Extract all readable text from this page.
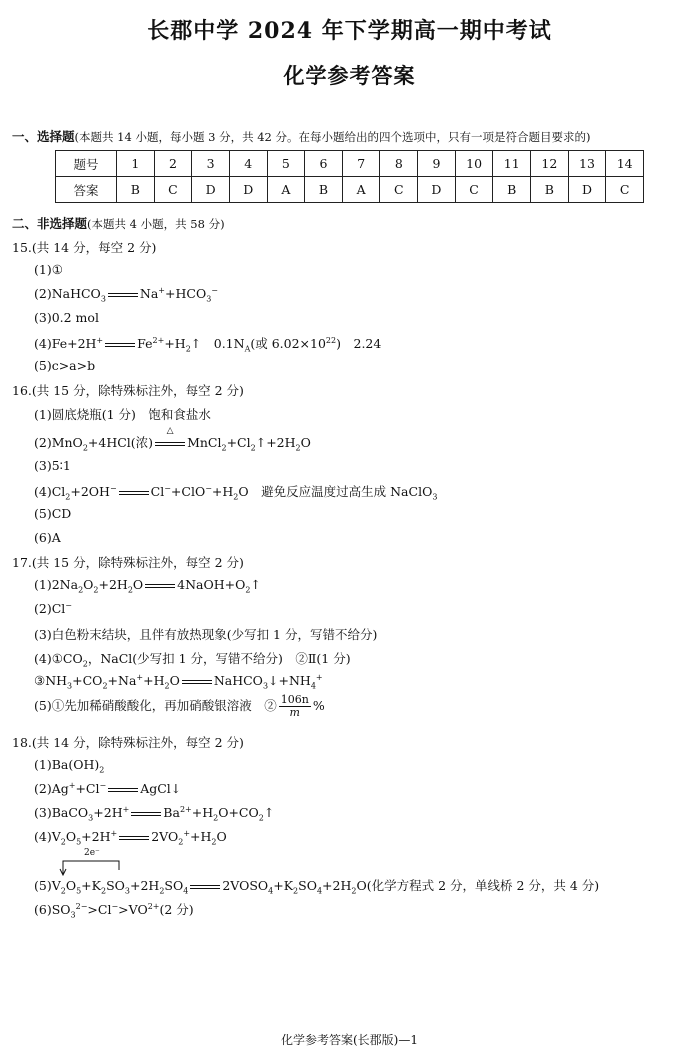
长郡中学 2024 年下学期高一期中考试
化学参考答案
一、选择题(本题共 14 小题，每小题 3 分，共 42 分。在每小题给出的四个选项中，只有一项是符合题目要求的)
题号	1	2	3	4	5	6	7	8	9	10	11	12	13	14
答案	B	C	D	D	A	B	A	C	D	C	B	B	D	C
二、非选择题(本题共 4 小题，共 58 分)
15.(共 14 分，每空 2 分)
(1)①
(2)NaHCO$_3$	$Na^++HCO_3^-$
(3)0.2 mol
(4)Fe+2H+	$Fe^{2+}+H_2↑$　$0.1N_A$(或 $6.02\times 10^{22}$)　2.24
(5)c>a>b
16.(共 15 分，除特殊标注外，每空 2 分)
(1)圆底烧瓶(1 分)　饱和食盐水
(2)MnO$_2$+4HCl(浓)
△
$MnCl_2+Cl_2↑+2H_2O$
(3)5∶1
$(4)Cl_2+2OH^-$	$Cl^-+ClO^-+H_2O$　避免反应温度过高生成 NaClO$_3$
(5)CD
(6)A
17.(共 15 分，除特殊标注外，每空 2 分)
$(1)2Na_2O_2+2H_2O$	$4NaOH+O_2↑$
(2)Cl−
(3)白色粉末结块，且伴有放热现象(少写扣 1 分，写错不给分)
$(4)①CO_2$，NaCl(少写扣 1 分，写错不给分)　②Ⅱ(1 分)
$③NH_3+CO_2+Na^++H_2O$	$NaHCO_3↓+NH_4^+$
(5)①先加稀硝酸酸化，再加硝酸银溶液　② $\frac{106n}{m}$ %
18.(共 14 分，除特殊标注外，每空 2 分)
$(1)Ba(OH)_2$
(2)Ag++Cl−	AgCl↓
(3)BaCO$_3$+2H+	$Ba^{2+}+H_2O+CO_2↑$
$(4)V_2O_5+2H^+$	$2VO_2^++H_2O$
2e⁻
$(5)V_2O_5+K_2SO_3+2H_2SO_4$	$2VOSO_4+K_2SO_4+2H_2O$(化学方程式 2 分，单线桥 2 分，共 4 分)
$(6)SO_3^{2-}>Cl^->VO^{2+}(2$ 分)
化学参考答案(长郡版)—1
